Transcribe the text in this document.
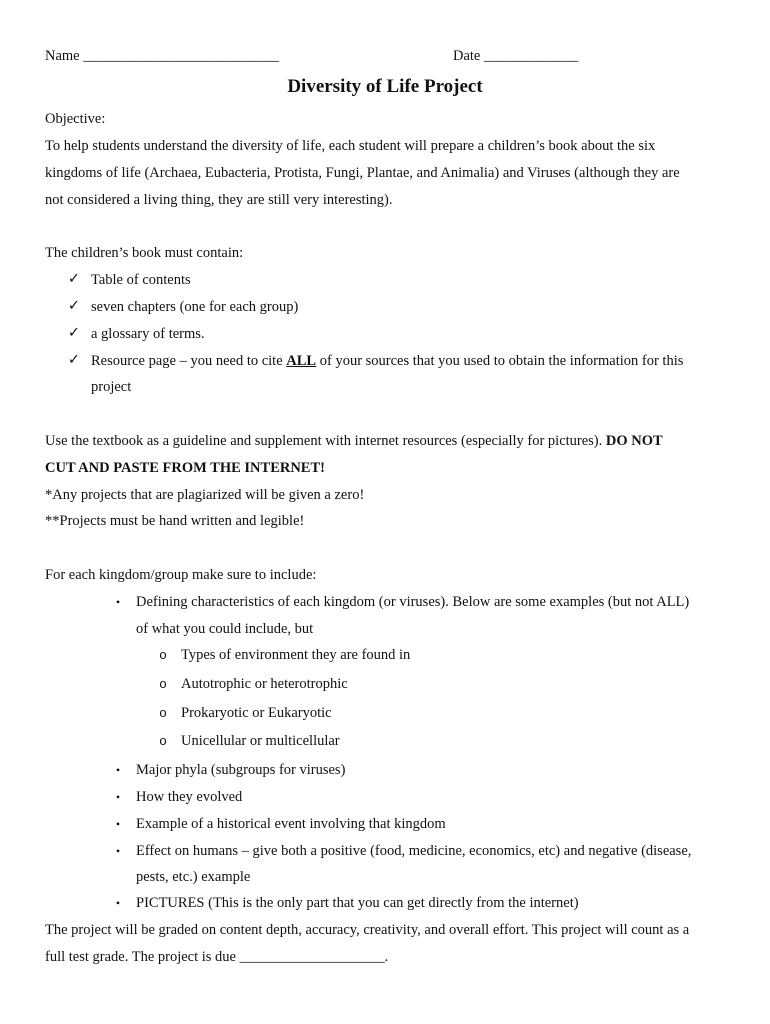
Name ___________________________	Date _____________
Diversity of Life Project
Objective:
To help students understand the diversity of life, each student will prepare a children’s book about the six
kingdoms of life (Archaea, Eubacteria, Protista, Fungi, Plantae, and Animalia) and Viruses (although they are
not considered a living thing, they are still very interesting).
The children’s book must contain:
✓ Table of contents
✓ seven chapters (one for each group)
✓ a glossary of terms.
✓ Resource page – you need to cite ALL of your sources that you used to obtain the information for this
project
Use the textbook as a guideline and supplement with internet resources (especially for pictures). DO NOT
CUT AND PASTE FROM THE INTERNET!
*Any projects that are plagiarized will be given a zero!
**Projects must be hand written and legible!
For each kingdom/group make sure to include:
• Defining characteristics of each kingdom (or viruses). Below are some examples (but not ALL)
of what you could include, but
o Types of environment they are found in
o Autotrophic or heterotrophic
o Prokaryotic or Eukaryotic
o Unicellular or multicellular
• Major phyla (subgroups for viruses)
• How they evolved
• Example of a historical event involving that kingdom
• Effect on humans – give both a positive (food, medicine, economics, etc) and negative (disease,
pests, etc.) example
• PICTURES (This is the only part that you can get directly from the internet)
The project will be graded on content depth, accuracy, creativity, and overall effort. This project will count as a
full test grade. The project is due ____________________.
